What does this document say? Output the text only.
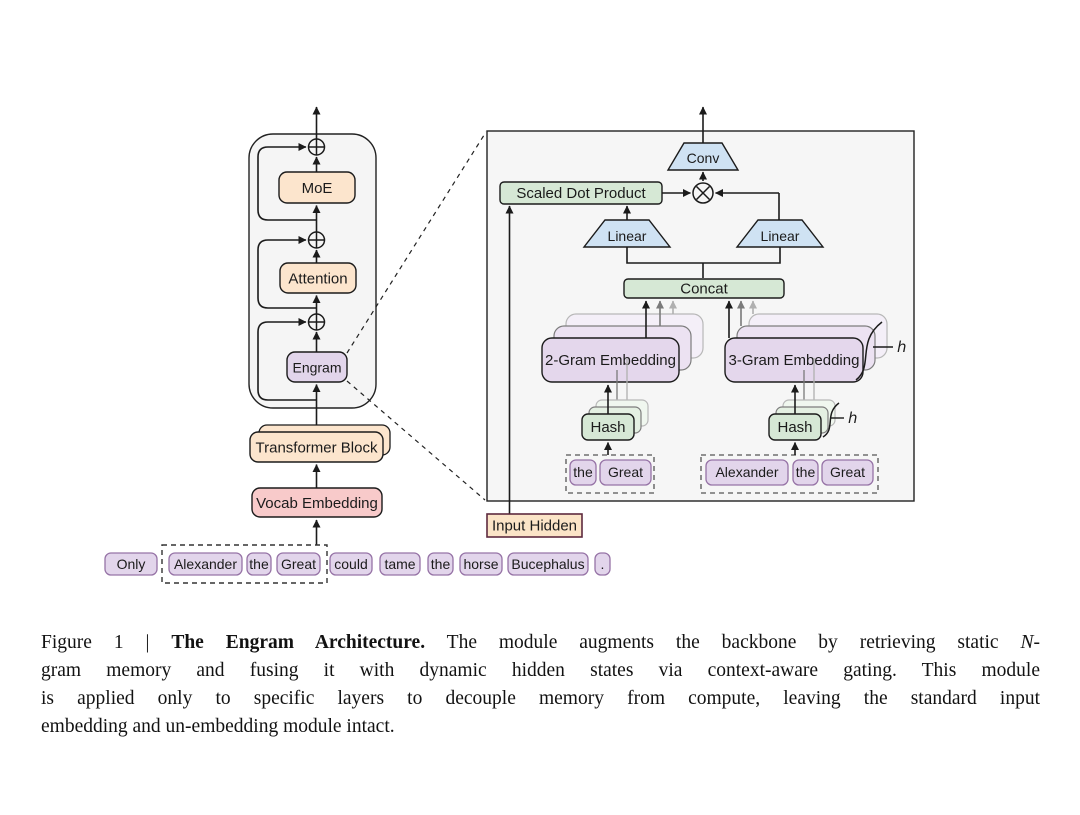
MoE
Attention
Engram
Transformer Block
Vocab Embedding
Only Alexander the Great could tame the horse Bucephalus .
Conv
Scaled Dot Product
Linear	Linear
Concat
2-Gram Embedding	3-Gram Embedding
h
Hash	Hash
h
the Great	Alexander the Great
Input Hidden
Figure 1 | The Engram Architecture. The module augments the backbone by retrieving static N-
gram memory and fusing it with dynamic hidden states via context-aware gating. This module
is applied only to specific layers to decouple memory from compute, leaving the standard input
embedding and un-embedding module intact.
